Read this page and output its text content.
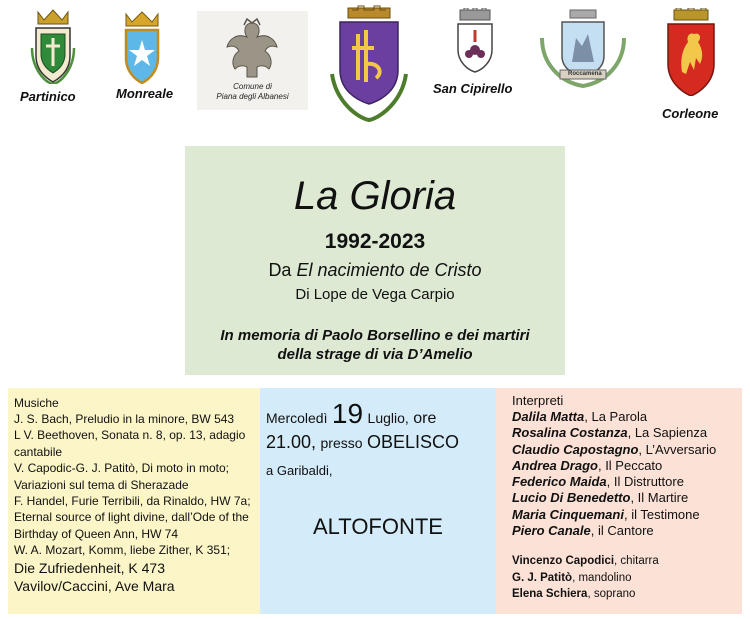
Partinico	Monreale	Comune di
Piana degli Albanesi
San Cipirello
Roccamena
Corleone
La Gloria
1992-2023
Da El nacimiento de Cristo
Di Lope de Vega Carpio
In memoria di Paolo Borsellino e dei martiri
della strage di via D’Amelio
Musiche
J. S. Bach, Preludio in la minore, BW 543
L V. Beethoven, Sonata n. 8, op. 13, adagio cantabile
V. Capodic-G. J. Patitò, Di moto in moto; Variazioni sul tema di Sherazade
F. Handel, Furie Terribili, da Rinaldo, HW 7a; Eternal source of light divine, dall’Ode of the Birthday of Queen Ann, HW 74
W. A. Mozart, Komm, liebe Zither, K 351;
Die Zufriedenheit, K 473
Vavilov/Caccini, Ave Mara
Mercoledì 19 Luglio, ore
21.00, presso OBELISCO
a Garibaldi,
ALTOFONTE
Interpreti
Dalila Matta, La Parola
Rosalina Costanza, La Sapienza
Claudio Capostagno, L’Avversario
Andrea Drago, Il Peccato
Federico Maida, Il Distruttore
Lucio Di Benedetto, Il Martire
Maria Cinquemani, il Testimone
Piero Canale, il Cantore
Vincenzo Capodici, chitarra
G. J. Patitò, mandolino
Elena Schiera, soprano
